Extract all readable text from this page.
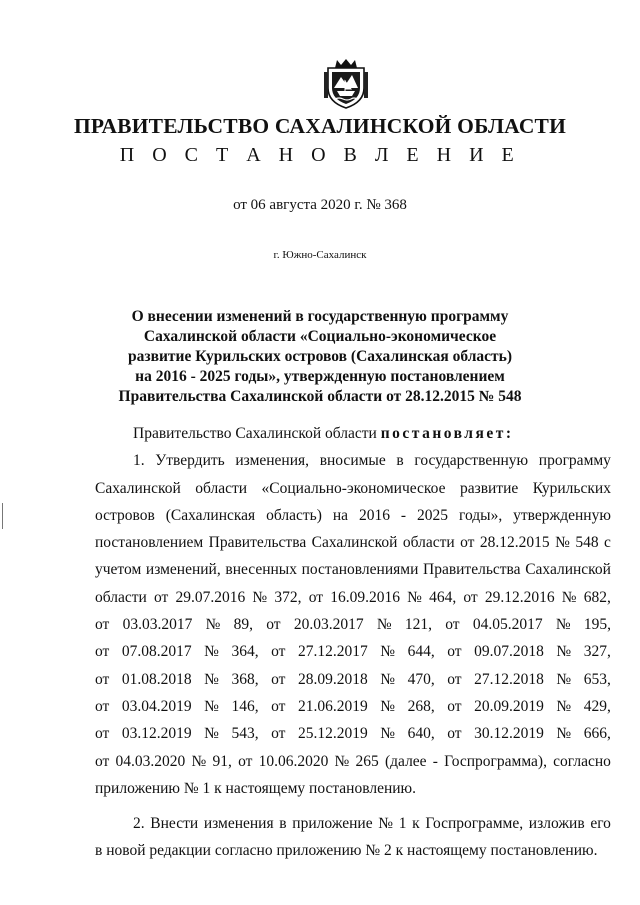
ПРАВИТЕЛЬСТВО САХАЛИНСКОЙ ОБЛАСТИ
П О С Т А Н О В Л Е Н И Е
от 06 августа 2020 г. № 368
г. Южно-Сахалинск
О внесении изменений в государственную программу
Сахалинской области «Социально-экономическое
развитие Курильских островов (Сахалинская область)
на 2016 - 2025 годы», утвержденную постановлением
Правительства Сахалинской области от 28.12.2015 № 548
Правительство Сахалинской области постановляет:
1. Утвердить изменения, вносимые в государственную программу
Сахалинской области «Социально-экономическое развитие Курильских
островов (Сахалинская область) на 2016 - 2025 годы», утвержденную
постановлением Правительства Сахалинской области от 28.12.2015 № 548 с
учетом изменений, внесенных постановлениями Правительства Сахалинской
области от 29.07.2016 № 372, от 16.09.2016 № 464, от 29.12.2016 № 682,
от 03.03.2017 № 89, от 20.03.2017 № 121, от 04.05.2017 № 195,
от 07.08.2017 № 364, от 27.12.2017 № 644, от 09.07.2018 № 327,
от 01.08.2018 № 368, от 28.09.2018 № 470, от 27.12.2018 № 653,
от 03.04.2019 № 146, от 21.06.2019 № 268, от 20.09.2019 № 429,
от 03.12.2019 № 543, от 25.12.2019 № 640, от 30.12.2019 № 666,
от 04.03.2020 № 91, от 10.06.2020 № 265 (далее - Госпрограмма), согласно
приложению № 1 к настоящему постановлению.
2. Внести изменения в приложение № 1 к Госпрограмме, изложив его
в новой редакции согласно приложению № 2 к настоящему постановлению.
